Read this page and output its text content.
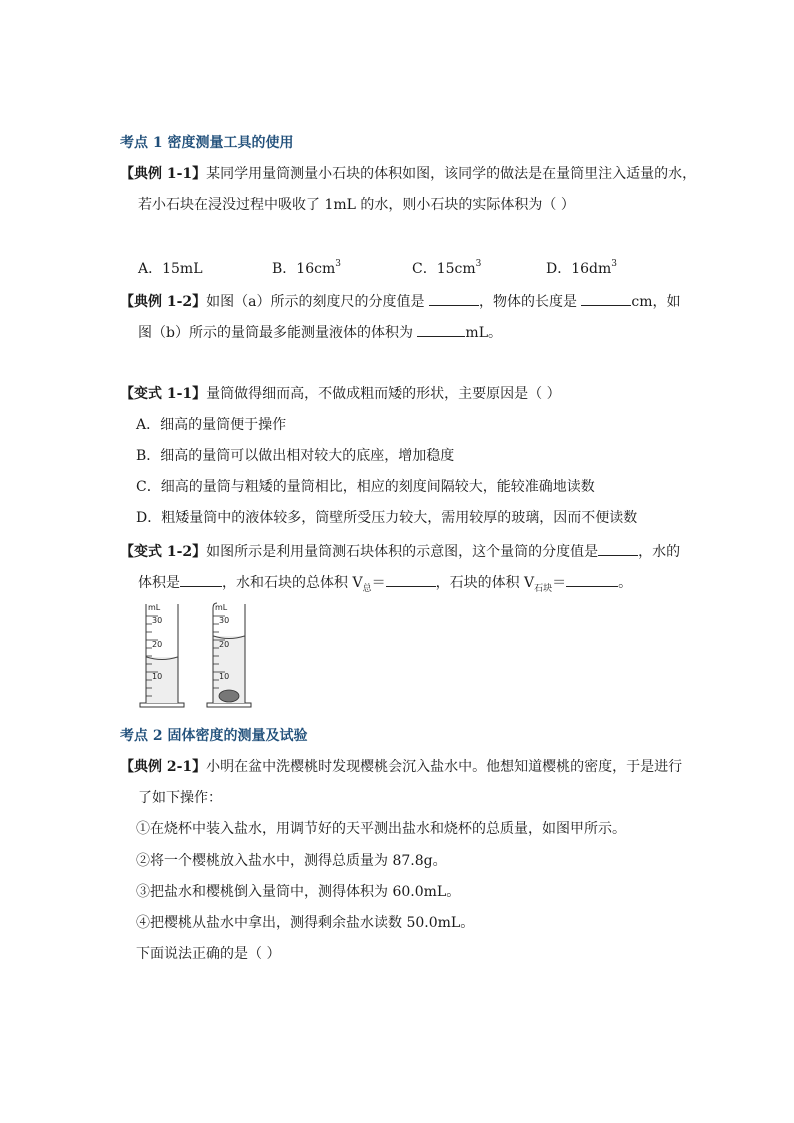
考点 1 密度测量工具的使用
【典例 1-1】某同学用量筒测量小石块的体积如图，该同学的做法是在量筒里注入适量的水，
若小石块在浸没过程中吸收了 1mL 的水，则小石块的实际体积为（ ）
A．15mL	B．$16cm^3$	C．$15cm^3$	D．$16dm^3$
【典例 1-2】如图（a）所示的刻度尺的分度值是	，物体的长度是	cm，如
图（b）所示的量筒最多能测量液体的体积为	mL。
【变式 1-1】量筒做得细而高，不做成粗而矮的形状，主要原因是（ ）
A．细高的量筒便于操作
B．细高的量筒可以做出相对较大的底座，增加稳度
C．细高的量筒与粗矮的量筒相比，相应的刻度间隔较大，能较准确地读数
D．粗矮量筒中的液体较多，筒壁所受压力较大，需用较厚的玻璃，因而不便读数
【变式 1-2】如图所示是利用量筒测石块体积的示意图，这个量筒的分度值是	，水的
体积是	，水和石块的总体积 $V_总=$	，石块的体积 $V_{石块}=$	。
mL
30
20
10
mL
30
20
10
考点 2 固体密度的测量及试验
【典例 2-1】小明在盆中洗樱桃时发现樱桃会沉入盐水中。他想知道樱桃的密度，于是进行
了如下操作：
①在烧杯中装入盐水，用调节好的天平测出盐水和烧杯的总质量，如图甲所示。
②将一个樱桃放入盐水中，测得总质量为 87.8g。
③把盐水和樱桃倒入量筒中，测得体积为 60.0mL。
④把樱桃从盐水中拿出，测得剩余盐水读数 50.0mL。
下面说法正确的是（ ）
